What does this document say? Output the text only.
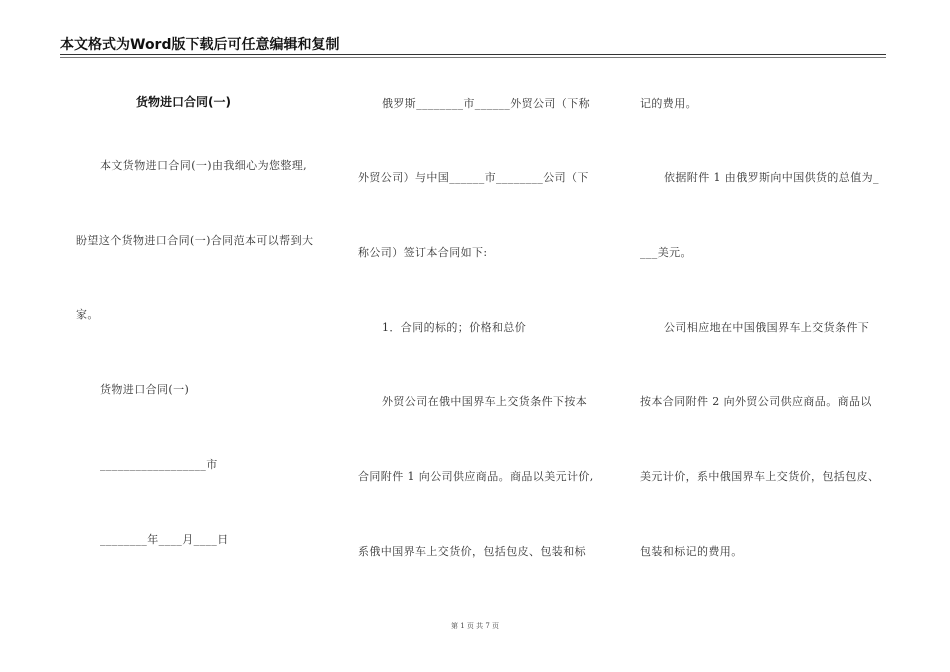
本文格式为Word版下载后可任意编辑和复制
货物进口合同(一)
本文货物进口合同(一)由我细心为您整理,
盼望这个货物进口合同(一)合同范本可以帮到大
家。
货物进口合同(一)
__________________市
________年____月____日
俄罗斯________市______外贸公司（下称
外贸公司）与中国______市________公司（下
称公司）签订本合同如下:
1．合同的标的；价格和总价
外贸公司在俄中国界车上交货条件下按本
合同附件 1 向公司供应商品。商品以美元计价,
系俄中国界车上交货价，包括包皮、包装和标
记的费用。
依据附件 1 由俄罗斯向中国供货的总值为_
___美元。
公司相应地在中国俄国界车上交货条件下
按本合同附件 2 向外贸公司供应商品。商品以
美元计价，系中俄国界车上交货价，包括包皮、
包装和标记的费用。
第 1 页 共 7 页
